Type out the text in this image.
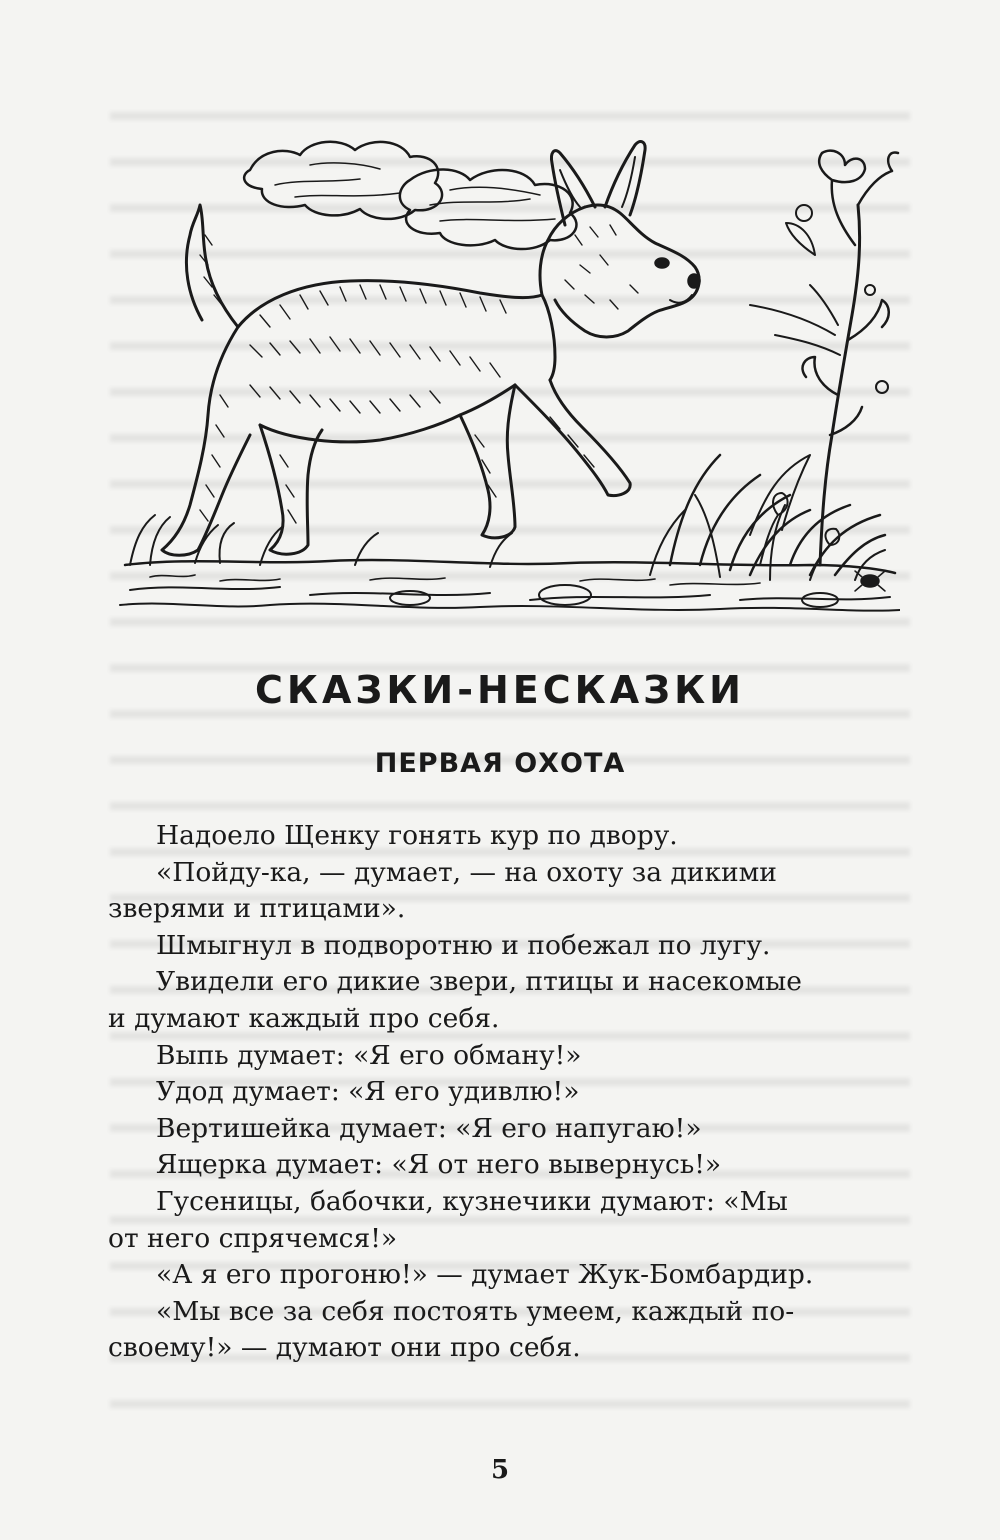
СКАЗКИ-НЕСКАЗКИ
ПЕРВАЯ ОХОТА
Надоело Щенку гонять кур по двору.
«Пойду-ка, — думает, — на охоту за дикими
зверями и птицами».
Шмыгнул в подворотню и побежал по лугу.
Увидели его дикие звери, птицы и насекомые
и думают каждый про себя.
Выпь думает: «Я его обману!»
Удод думает: «Я его удивлю!»
Вертишейка думает: «Я его напугаю!»
Ящерка думает: «Я от него вывернусь!»
Гусеницы, бабочки, кузнечики думают: «Мы
от него спрячемся!»
«А я его прогоню!» — думает Жук-Бомбардир.
«Мы все за себя постоять умеем, каждый по-
своему!» — думают они про себя.
5
